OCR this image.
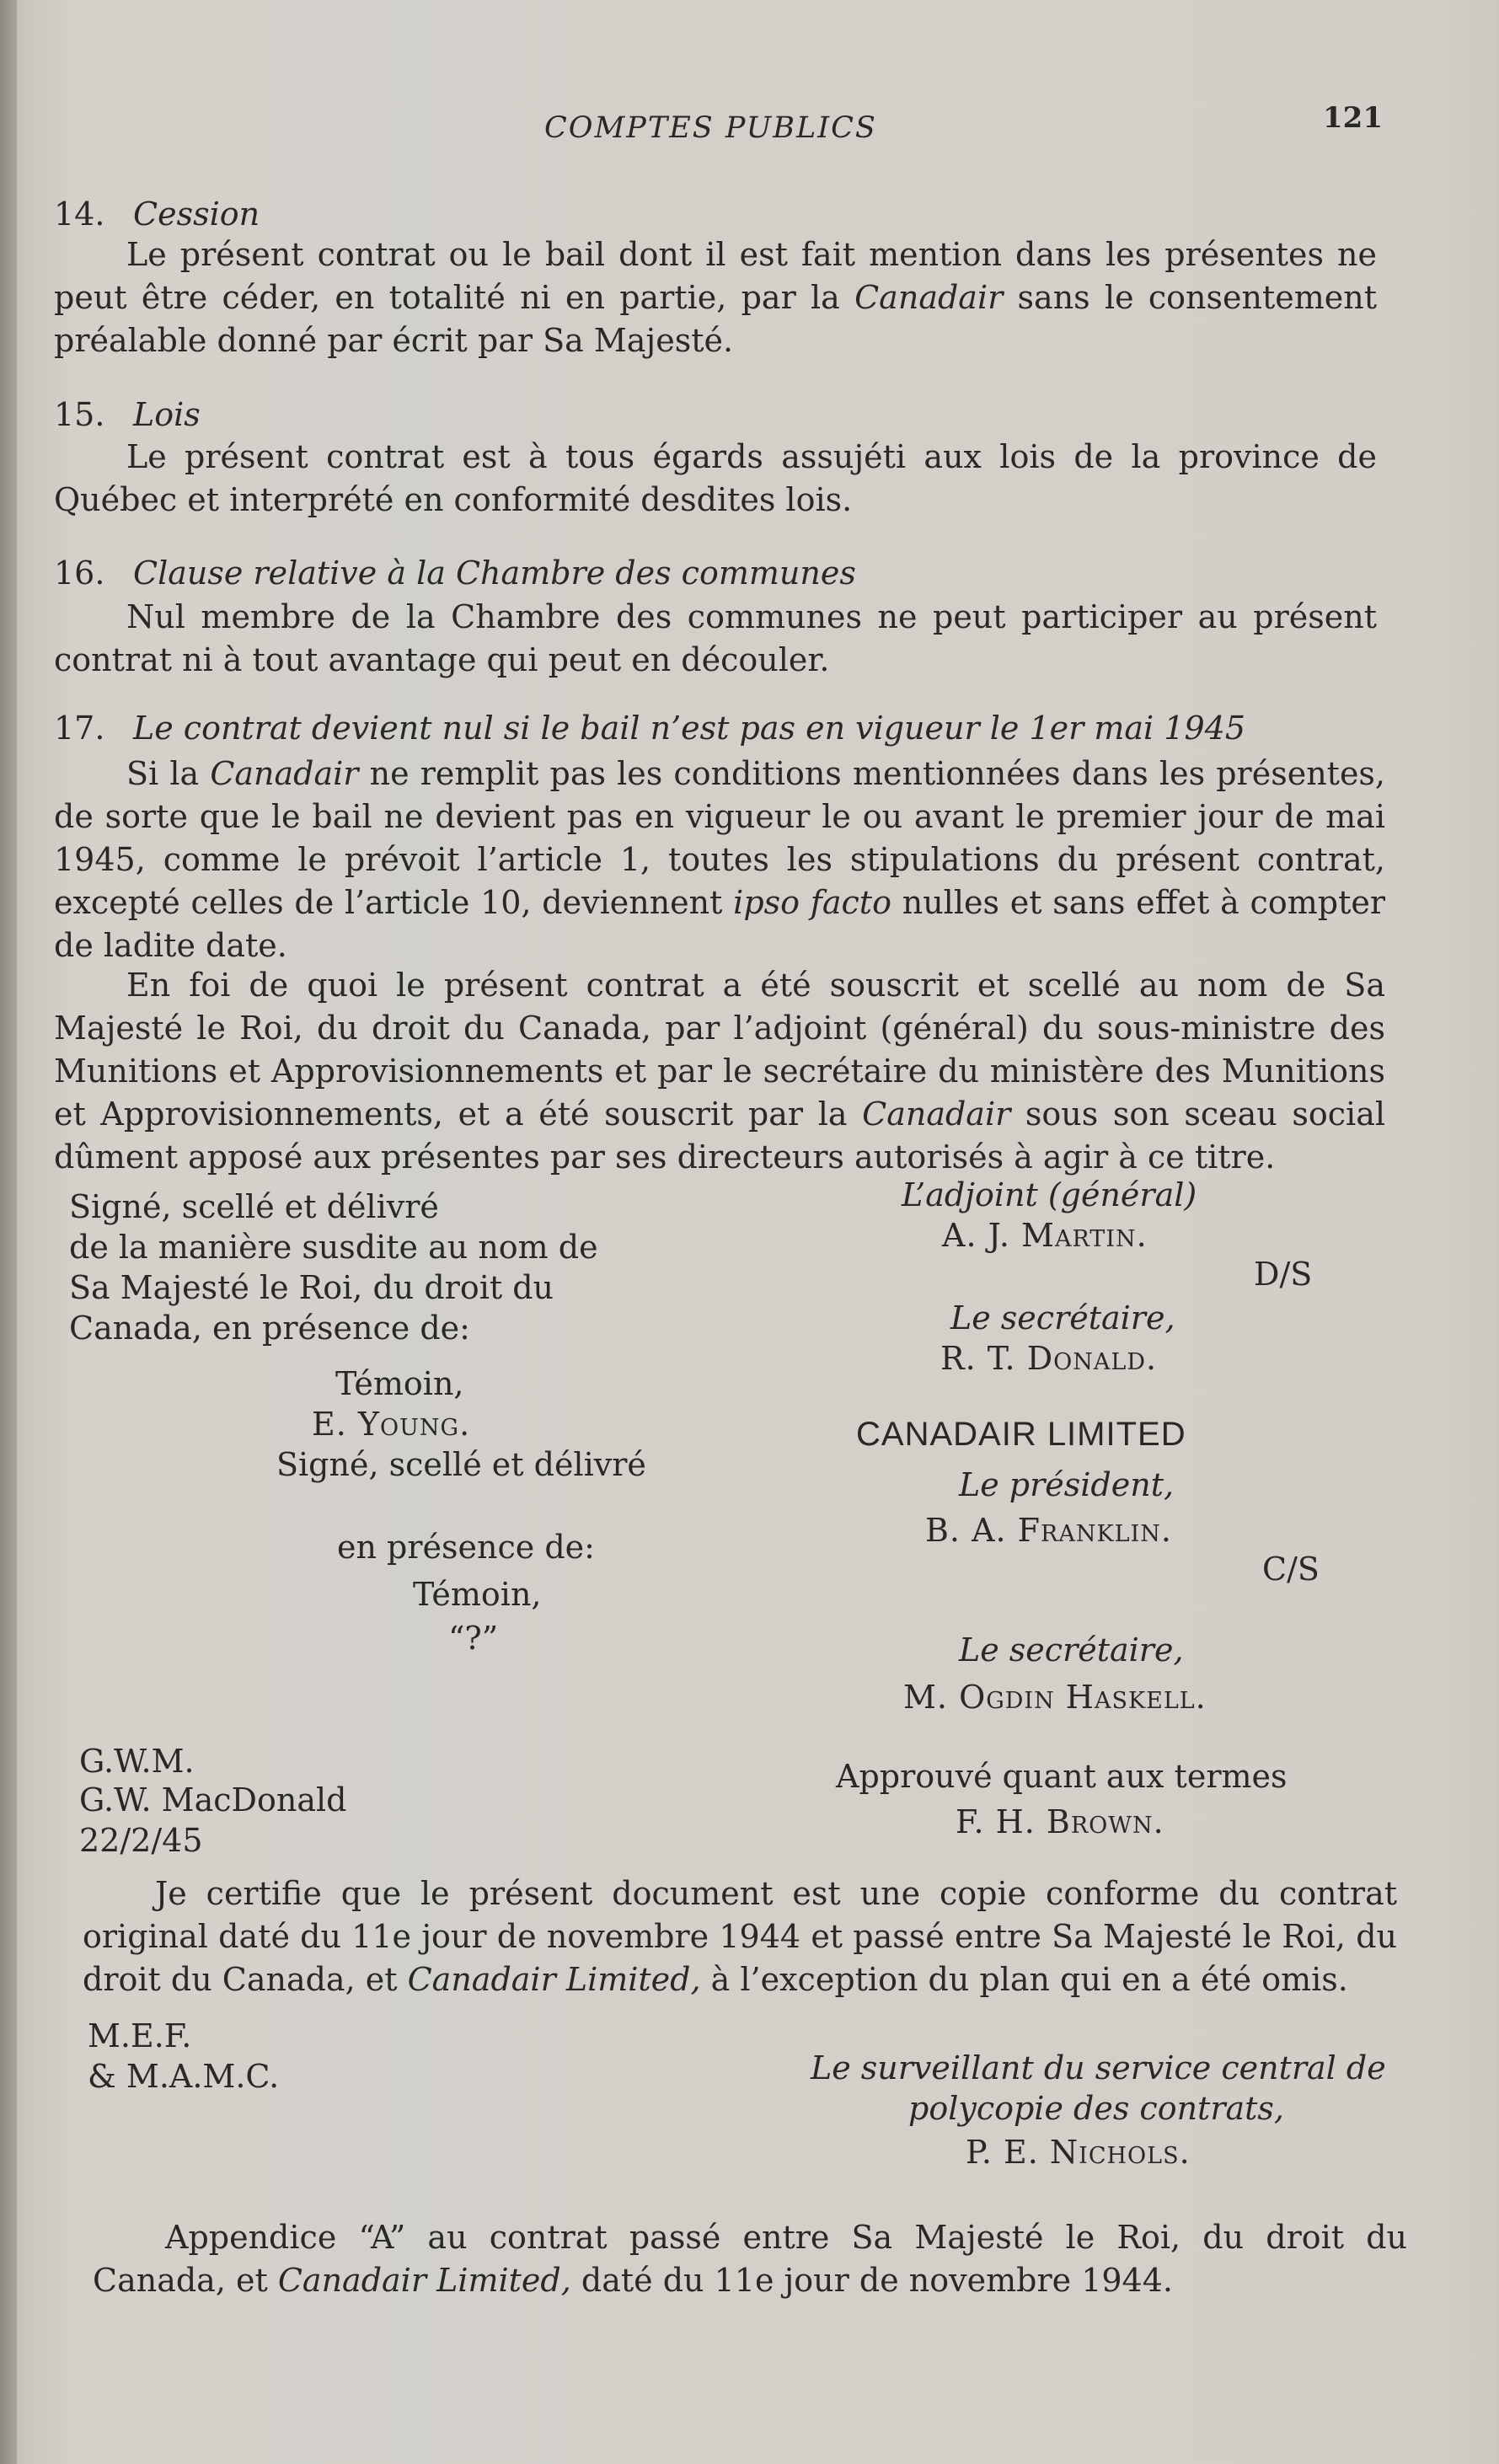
COMPTES PUBLICS	121
14. Cession

Le présent contrat ou le bail dont il est fait mention dans les présentes ne peut être céder, en totalité ni en partie, par la Canadair sans le consentement préalable donné par écrit par Sa Majesté.

15. Lois

Le présent contrat est à tous égards assujéti aux lois de la province de Québec et interprété en conformité desdites lois.

16. Clause relative à la Chambre des communes

Nul membre de la Chambre des communes ne peut participer au présent contrat ni à tout avantage qui peut en découler.

17. Le contrat devient nul si le bail n’est pas en vigueur le 1er mai 1945

Si la Canadair ne remplit pas les conditions mentionnées dans les présentes, de sorte que le bail ne devient pas en vigueur le ou avant le premier jour de mai 1945, comme le prévoit l’article 1, toutes les stipulations du présent contrat, excepté celles de l’article 10, deviennent ipso facto nulles et sans effet à compter de ladite date.

En foi de quoi le présent contrat a été souscrit et scellé au nom de Sa Majesté le Roi, du droit du Canada, par l’adjoint (général) du sous-ministre des Munitions et Approvisionnements et par le secrétaire du ministère des Munitions et Approvisionnements, et a été souscrit par la Canadair sous son sceau social dûment apposé aux présentes par ses directeurs autorisés à agir à ce titre.

Signé, scellé et délivré
de la manière susdite au nom de
Sa Majesté le Roi, du droit du
Canada, en présence de:
Témoin,
E. Young.
Signé, scellé et délivré
en présence de:
Témoin,
“?”
L’adjoint (général)
A. J. Martin.
D/S
Le secrétaire,
R. T. Donald.
CANADAIR LIMITED
Le président,
B. A. Franklin.
C/S
Le secrétaire,
M. Ogdin Haskell.
G.W.M.
G.W. MacDonald
22/2/45
Approuvé quant aux termes
F. H. Brown.

Je certifie que le présent document est une copie conforme du contrat original daté du 11e jour de novembre 1944 et passé entre Sa Majesté le Roi, du droit du Canada, et Canadair Limited, à l’exception du plan qui en a été omis.

M.E.F.
& M.A.M.C.	Le surveillant du service central de
polycopie des contrats,
P. E. Nichols.

Appendice “A” au contrat passé entre Sa Majesté le Roi, du droit du Canada, et Canadair Limited, daté du 11e jour de novembre 1944.
